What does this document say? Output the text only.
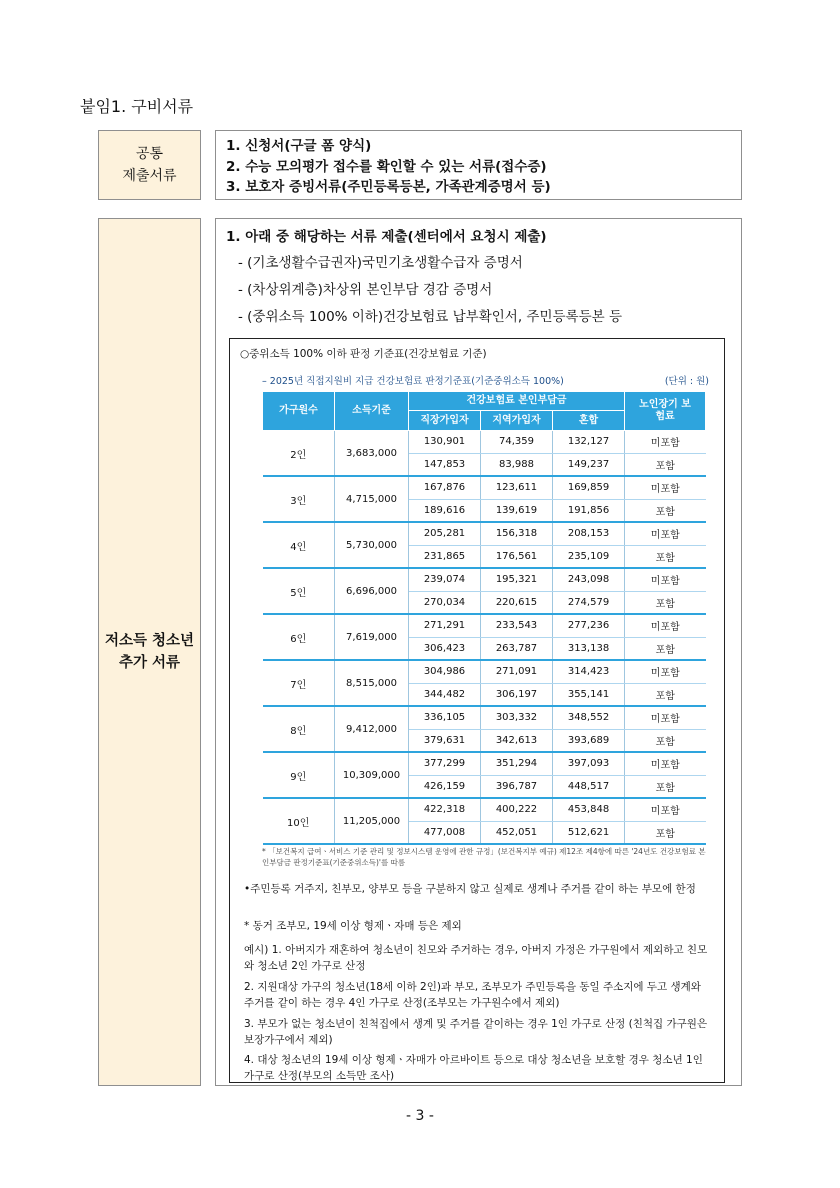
붙임1. 구비서류
공통
제출서류
1. 신청서(구글 폼 양식)
2. 수능 모의평가 접수를 확인할 수 있는 서류(접수증)
3. 보호자 증빙서류(주민등록등본, 가족관계증명서 등)
저소득 청소년
추가 서류
1. 아래 중 해당하는 서류 제출(센터에서 요청시 제출)
- (기초생활수급권자)국민기초생활수급자 증명서
- (차상위계층)차상위 본인부담 경감 증명서
- (중위소득 100% 이하)건강보험료 납부확인서, 주민등록등본 등
○중위소득 100% 이하 판정 기준표(건강보험료 기준)
– 2025년 직접지원비 지급 건강보험료 판정기준표(기준중위소득 100%)	(단위 : 원)
가구원수	소득기준	건강보험료 본인부담금			노인장기 보험료
		직장가입자	지역가입자	혼합	
2인	3,683,000	130,901	74,359	132,127	미포함
		147,853	83,988	149,237	포함
3인	4,715,000	167,876	123,611	169,859	미포함
		189,616	139,619	191,856	포함
4인	5,730,000	205,281	156,318	208,153	미포함
		231,865	176,561	235,109	포함
5인	6,696,000	239,074	195,321	243,098	미포함
		270,034	220,615	274,579	포함
6인	7,619,000	271,291	233,543	277,236	미포함
		306,423	263,787	313,138	포함
7인	8,515,000	304,986	271,091	314,423	미포함
		344,482	306,197	355,141	포함
8인	9,412,000	336,105	303,332	348,552	미포함
		379,631	342,613	393,689	포함
9인	10,309,000	377,299	351,294	397,093	미포함
		426,159	396,787	448,517	포함
10인	11,205,000	422,318	400,222	453,848	미포함
		477,008	452,051	512,621	포함
* 「보건복지 급여ㆍ서비스 기준 관리 및 정보시스템 운영에 관한 규정」(보건복지부 예규) 제12조 제4항에 따른 '24년도 건강보험료 본인부담금 판정기준표(기준중위소득)'를 따름
•주민등록 거주지, 친부모, 양부모 등을 구분하지 않고 실제로 생계나 주거를 같이 하는 부모에 한정
* 동거 조부모, 19세 이상 형제ㆍ자매 등은 제외
예시) 1. 아버지가 재혼하여 청소년이 친모와 주거하는 경우, 아버지 가정은 가구원에서 제외하고 친모와 청소년 2인 가구로 산정
2. 지원대상 가구의 청소년(18세 이하 2인)과 부모, 조부모가 주민등록을 동일 주소지에 두고 생계와 주거를 같이 하는 경우 4인 가구로 산정(조부모는 가구원수에서 제외)
3. 부모가 없는 청소년이 친척집에서 생계 및 주거를 같이하는 경우 1인 가구로 산정 (친척집 가구원은 보장가구에서 제외)
4. 대상 청소년의 19세 이상 형제ㆍ자매가 아르바이트 등으로 대상 청소년을 보호할 경우 청소년 1인 가구로 산정(부모의 소득만 조사)
- 3 -
